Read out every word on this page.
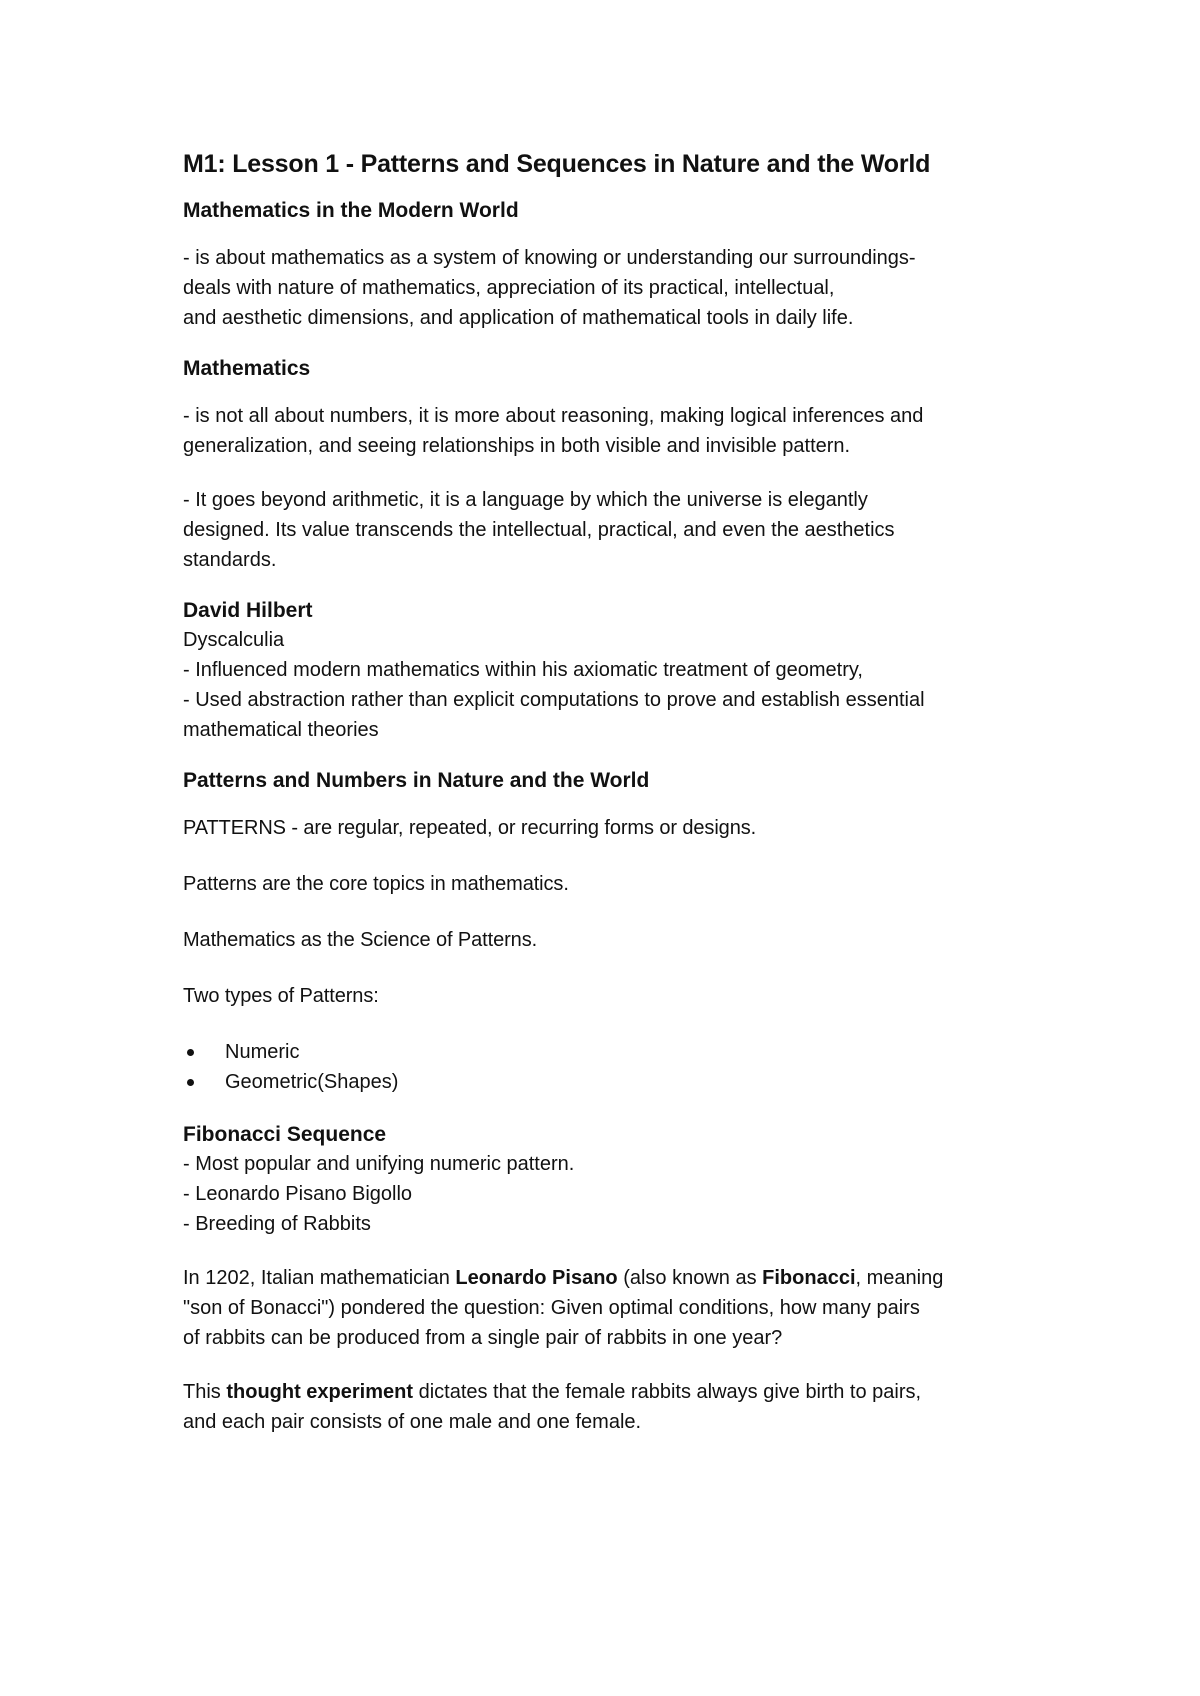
M1: Lesson 1 - Patterns and Sequences in Nature and the World
Mathematics in the Modern World
- is about mathematics as a system of knowing or understanding our surroundings-
deals with nature of mathematics, appreciation of its practical, intellectual,
and aesthetic dimensions, and application of mathematical tools in daily life.
Mathematics
- is not all about numbers, it is more about reasoning, making logical inferences and
generalization, and seeing relationships in both visible and invisible pattern.
- It goes beyond arithmetic, it is a language by which the universe is elegantly
designed. Its value transcends the intellectual, practical, and even the aesthetics
standards.
David Hilbert
Dyscalculia
- Influenced modern mathematics within his axiomatic treatment of geometry,
- Used abstraction rather than explicit computations to prove and establish essential
mathematical theories
Patterns and Numbers in Nature and the World

PATTERNS - are regular, repeated, or recurring forms or designs.

Patterns are the core topics in mathematics.

Mathematics as the Science of Patterns.

Two types of Patterns:

Numeric
Geometric(Shapes)
Fibonacci Sequence
- Most popular and unifying numeric pattern.
- Leonardo Pisano Bigollo
- Breeding of Rabbits
In 1202, Italian mathematician Leonardo Pisano (also known as Fibonacci, meaning
"son of Bonacci") pondered the question: Given optimal conditions, how many pairs
of rabbits can be produced from a single pair of rabbits in one year?
This thought experiment dictates that the female rabbits always give birth to pairs,
and each pair consists of one male and one female.
